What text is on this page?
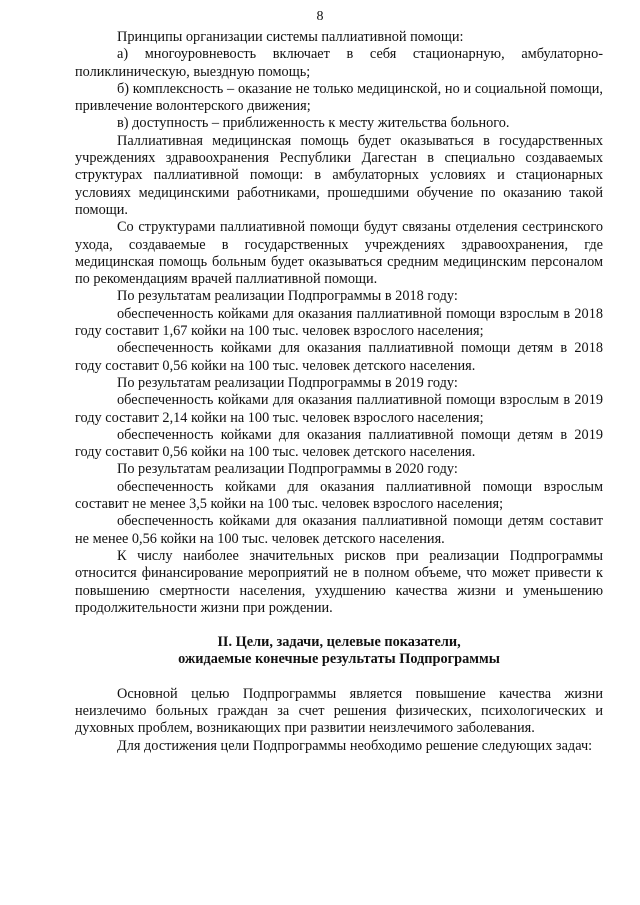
8

Принципы организации системы паллиативной помощи:

а) многоуровневость включает в себя стационарную, амбулаторно-поликлиническую, выездную помощь;

б) комплексность – оказание не только медицинской, но и социальной помощи, привлечение волонтерского движения;

в) доступность – приближенность к месту жительства больного.

Паллиативная медицинская помощь будет оказываться в государственных учреждениях здравоохранения Республики Дагестан в специально создаваемых структурах паллиативной помощи: в амбулаторных условиях и стационарных условиях медицинскими работниками, прошедшими обучение по оказанию такой помощи.

Со структурами паллиативной помощи будут связаны отделения сестринского ухода, создаваемые в государственных учреждениях здравоохранения, где медицинская помощь больным будет оказываться средним медицинским персоналом по рекомендациям врачей паллиативной помощи.

По результатам реализации Подпрограммы в 2018 году:

обеспеченность койками для оказания паллиативной помощи взрослым в 2018 году составит 1,67 койки на 100 тыс. человек взрослого населения;

обеспеченность койками для оказания паллиативной помощи детям в 2018 году составит 0,56 койки на 100 тыс. человек детского населения.

По результатам реализации Подпрограммы в 2019 году:

обеспеченность койками для оказания паллиативной помощи взрослым в 2019 году составит 2,14 койки на 100 тыс. человек взрослого населения;

обеспеченность койками для оказания паллиативной помощи детям в 2019 году составит 0,56 койки на 100 тыс. человек детского населения.

По результатам реализации Подпрограммы в 2020 году:

обеспеченность койками для оказания паллиативной помощи взрослым составит не менее 3,5 койки на 100 тыс. человек взрослого населения;

обеспеченность койками для оказания паллиативной помощи детям составит не менее 0,56 койки на 100 тыс. человек детского населения.

К числу наиболее значительных рисков при реализации Подпрограммы относится финансирование мероприятий не в полном объеме, что может привести к повышению смертности населения, ухудшению качества жизни и уменьшению продолжительности жизни при рождении.

II. Цели, задачи, целевые показатели,
ожидаемые конечные результаты Подпрограммы

Основной целью Подпрограммы является повышение качества жизни неизлечимо больных граждан за счет решения физических, психологических и духовных проблем, возникающих при развитии неизлечимого заболевания.

Для достижения цели Подпрограммы необходимо решение следующих задач:
